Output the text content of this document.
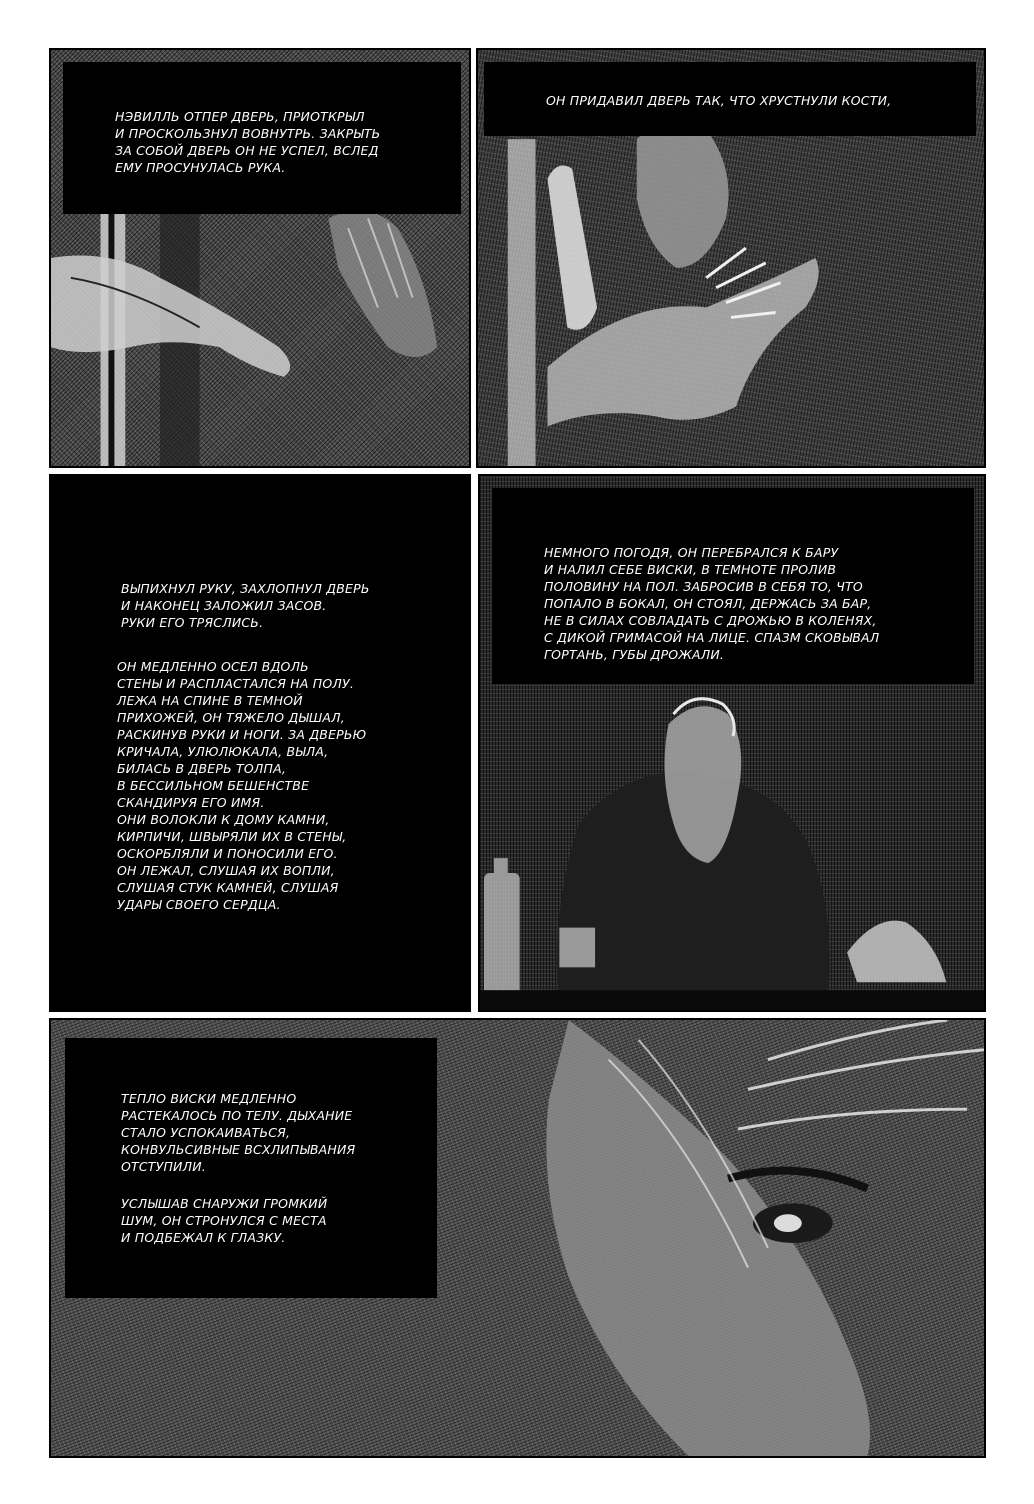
НЭВИЛЛЬ ОТПЕР ДВЕРЬ, ПРИОТКРЫЛ
И ПРОСКОЛЬЗНУЛ ВОВНУТРЬ. ЗАКРЫТЬ
ЗА СОБОЙ ДВЕРЬ ОН НЕ УСПЕЛ, ВСЛЕД
ЕМУ ПРОСУНУЛАСЬ РУКА.

ОН ПРИДАВИЛ ДВЕРЬ ТАК, ЧТО ХРУСТНУЛИ КОСТИ,

ВЫПИХНУЛ РУКУ, ЗАХЛОПНУЛ ДВЕРЬ
И НАКОНЕЦ ЗАЛОЖИЛ ЗАСОВ.
РУКИ ЕГО ТРЯСЛИСЬ.

ОН МЕДЛЕННО ОСЕЛ ВДОЛЬ
СТЕНЫ И РАСПЛАСТАЛСЯ НА ПОЛУ.
ЛЕЖА НА СПИНЕ В ТЕМНОЙ
ПРИХОЖЕЙ, ОН ТЯЖЕЛО ДЫШАЛ,
РАСКИНУВ РУКИ И НОГИ. ЗА ДВЕРЬЮ
КРИЧАЛА, УЛЮЛЮКАЛА, ВЫЛА,
БИЛАСЬ В ДВЕРЬ ТОЛПА,
В БЕССИЛЬНОМ БЕШЕНСТВЕ
СКАНДИРУЯ ЕГО ИМЯ.
ОНИ ВОЛОКЛИ К ДОМУ КАМНИ,
КИРПИЧИ, ШВЫРЯЛИ ИХ В СТЕНЫ,
ОСКОРБЛЯЛИ И ПОНОСИЛИ ЕГО.
ОН ЛЕЖАЛ, СЛУШАЯ ИХ ВОПЛИ,
СЛУШАЯ СТУК КАМНЕЙ, СЛУШАЯ
УДАРЫ СВОЕГО СЕРДЦА.

НЕМНОГО ПОГОДЯ, ОН ПЕРЕБРАЛСЯ К БАРУ
И НАЛИЛ СЕБЕ ВИСКИ, В ТЕМНОТЕ ПРОЛИВ
ПОЛОВИНУ НА ПОЛ. ЗАБРОСИВ В СЕБЯ ТО, ЧТО
ПОПАЛО В БОКАЛ, ОН СТОЯЛ, ДЕРЖАСЬ ЗА БАР,
НЕ В СИЛАХ СОВЛАДАТЬ С ДРОЖЬЮ В КОЛЕНЯХ,
С ДИКОЙ ГРИМАСОЙ НА ЛИЦЕ. СПАЗМ СКОВЫВАЛ
ГОРТАНЬ, ГУБЫ ДРОЖАЛИ.

ТЕПЛО ВИСКИ МЕДЛЕННО
РАСТЕКАЛОСЬ ПО ТЕЛУ. ДЫХАНИЕ
СТАЛО УСПОКАИВАТЬСЯ,
КОНВУЛЬСИВНЫЕ ВСХЛИПЫВАНИЯ
ОТСТУПИЛИ.

УСЛЫШАВ СНАРУЖИ ГРОМКИЙ
ШУМ, ОН СТРОНУЛСЯ С МЕСТА
И ПОДБЕЖАЛ К ГЛАЗКУ.
